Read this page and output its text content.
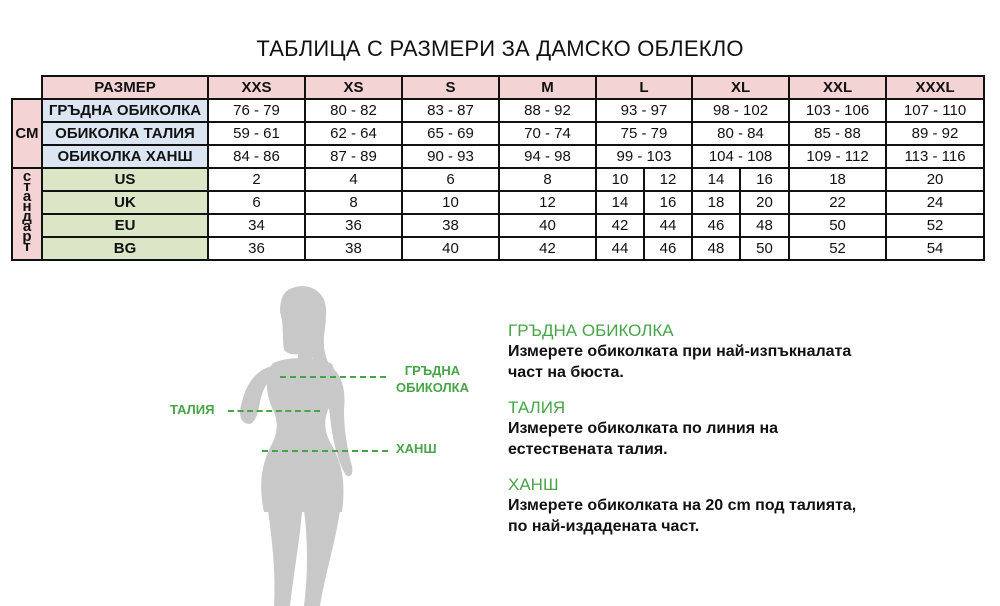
ТАБЛИЦА С РАЗМЕРИ ЗА ДАМСКО ОБЛЕКЛО
	РАЗМЕР	XXS	XS	S	M	L		XL		XXL	XXXL
СМ	ГРЪДНА ОБИКОЛКА	76 - 79	80 - 82	83 - 87	88 - 92	93 - 97		98 - 102		103 - 106	107 - 110
	ОБИКОЛКА ТАЛИЯ	59 - 61	62 - 64	65 - 69	70 - 74	75 - 79		80 - 84		85 - 88	89 - 92
	ОБИКОЛКА ХАНШ	84 - 86	87 - 89	90 - 93	94 - 98	99 - 103		104 - 108		109 - 112	113 - 116
стандарт	US	2	4	6	8	10	12	14	16	18	20
	UK	6	8	10	12	14	16	18	20	22	24
	EU	34	36	38	40	42	44	46	48	50	52
	BG	36	38	40	42	44	46	48	50	52	54
ГРЪДНА
ОБИКОЛКА
ТАЛИЯ
ХАНШ
ГРЪДНА ОБИКОЛКА
Измерете обиколката при най-изпъкналата
част на бюста.
ТАЛИЯ
Измерете обиколката по линия на
естествената талия.
ХАНШ
Измерете обиколката на 20 cm под талията,
по най-издадената част.
